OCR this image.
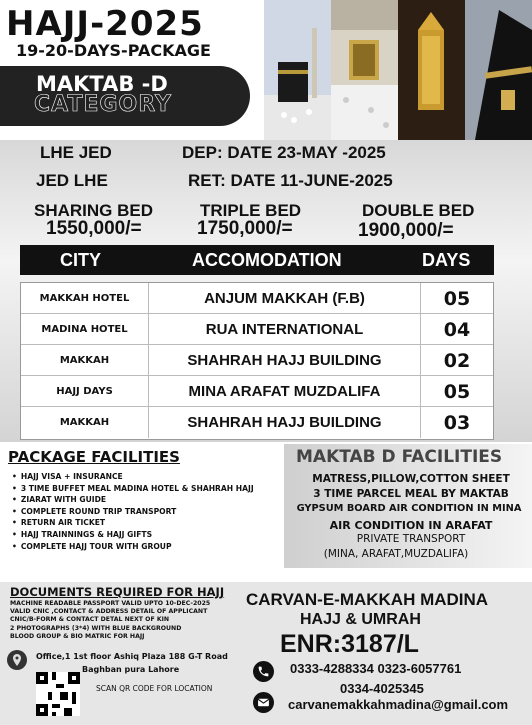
HAJJ-2025
19-20-DAYS-PACKAGE
MAKTAB -D
CATEGORY
LHE JED
JED LHE
DEP: DATE 23-MAY -2025
RET: DATE 11-JUNE-2025
SHARING BED
1550,000/=
TRIPLE BED
1750,000/=
DOUBLE BED
1900,000/=
CITY	ACCOMODATION	DAYS
MAKKAH HOTEL	ANJUM MAKKAH (F.B)	05
MADINA HOTEL	RUA INTERNATIONAL	04
MAKKAH	SHAHRAH HAJJ BUILDING	02
HAJJ DAYS	MINA ARAFAT MUZDALIFA	05
MAKKAH	SHAHRAH HAJJ BUILDING	03
PACKAGE FACILITIES
• HAJJ VISA + INSURANCE
• 3 TIME BUFFET MEAL MADINA HOTEL & SHAHRAH HAJJ
• ZIARAT WITH GUIDE
• COMPLETE ROUND TRIP TRANSPORT
• RETURN AIR TICKET
• HAJJ TRAINNINGS & HAJJ GIFTS
• COMPLETE HAJJ TOUR WITH GROUP
MAKTAB D FACILITIES
MATRESS,PILLOW,COTTON SHEET
3 TIME PARCEL MEAL BY MAKTAB
GYPSUM BOARD AIR CONDITION IN MINA
AIR CONDITION IN ARAFAT
PRIVATE TRANSPORT
(MINA, ARAFAT,MUZDALIFA)
DOCUMENTS REQUIRED FOR HAJJ
MACHINE READABLE PASSPORT VALID UPTO 10-DEC-2025
VALID CNIC ,CONTACT & ADDRESS DETAIL OF APPLICANT
CNIC/B-FORM & CONTACT DETAL NEXT OF KIN
2 PHOTOGRAPHS (3*4) WITH BLUE BACKGROUND
BLOOD GROUP & BIO MATRIC FOR HAJJ
Office,1 1st floor Ashiq Plaza 188 G-T Road
Baghban pura Lahore
SCAN QR CODE FOR LOCATION
CARVAN-E-MAKKAH MADINA
HAJJ & UMRAH
ENR:3187/L
0333-4288334 0323-6057761
0334-4025345
carvanemakkahmadina@gmail.com
